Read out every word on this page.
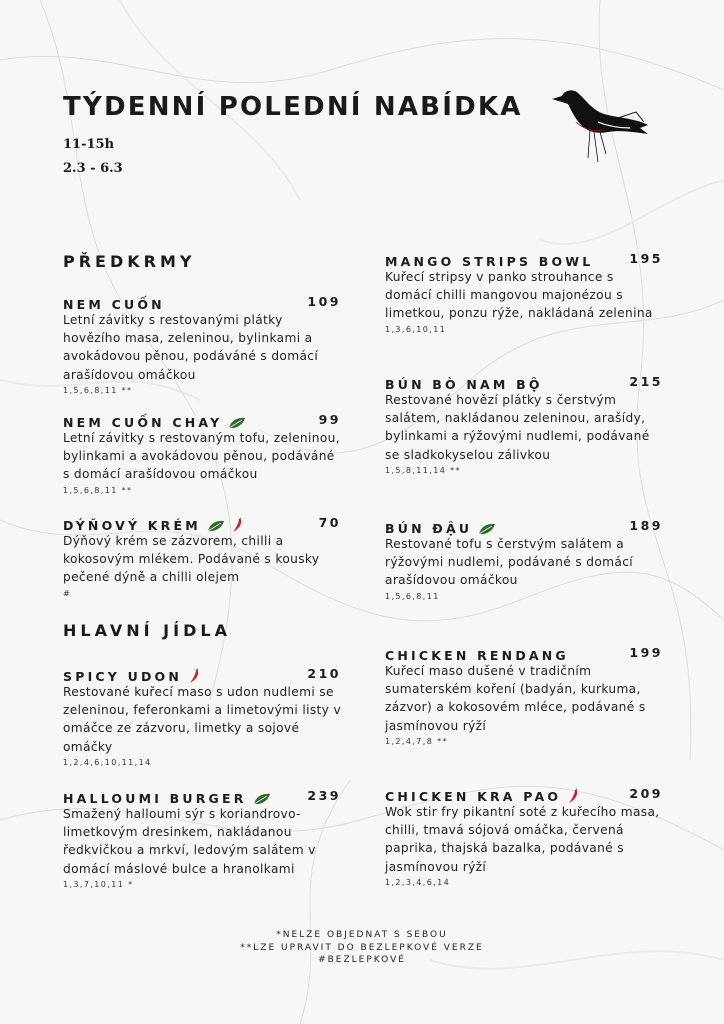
TÝDENNÍ POLEDNÍ NABÍDKA

11-15h

2.3 - 6.3

PŘEDKRMY
HLAVNÍ JÍDLA
NEM CUỐN	109
Letní závitky s restovanými plátky hovězího masa, zeleninou, bylinkami a avokádovou pěnou, podáváné s domácí arašídovou omáčkou
1,5,6,8,11 **
NEM CUỐN CHAY	99
Letní závitky s restovaným tofu, zeleninou, bylinkami a avokádovou pěnou, podáváné s domácí arašídovou omáčkou
1,5,6,8,11 **
DÝŇOVÝ KRÉM	70
Dýňový krém se zázvorem, chilli a kokosovým mlékem. Podávané s kousky pečené dýně a chilli olejem
#
SPICY UDON	210
Restované kuřecí maso s udon nudlemi se zeleninou, feferonkami a limetovými listy v omáčce ze zázvoru, limetky a sojové omáčky
1,2,4,6,10,11,14
HALLOUMI BURGER	239
Smažený halloumi sýr s koriandrovo-limetkovým dresinkem, nakládanou ředkvičkou a mrkví, ledovým salátem v domácí máslové bulce a hranolkami
1,3,7,10,11 *
MANGO STRIPS BOWL	195
Kuřecí stripsy v panko strouhance s domácí chilli mangovou majonézou s limetkou, ponzu rýže, nakládaná zelenina
1,3,6,10,11
BÚN BÒ NAM BỘ	215
Restované hovězí plátky s čerstvým salátem, nakládanou zeleninou, arašídy, bylinkami a rýžovými nudlemi, podávané se sladkokyselou zálivkou
1,5,8,11,14 **
BÚN ĐẬU	189
Restované tofu s čerstvým salátem a rýžovými nudlemi, podávané s domácí arašídovou omáčkou
1,5,6,8,11
CHICKEN RENDANG	199
Kuřecí maso dušené v tradičním sumaterském koření (badyán, kurkuma, zázvor) a kokosovém mléce, podávané s jasmínovou rýží
1,2,4,7,8 **
CHICKEN KRA PAO	209
Wok stir fry pikantní soté z kuřecího masa, chilli, tmavá sójová omáčka, červená paprika, thajská bazalka, podávané s jasmínovou rýží
1,2,3,4,6,14
*NELZE OBJEDNAT S SEBOU
**LZE UPRAVIT DO BEZLEPKOVÉ VERZE
#BEZLEPKOVÉ
